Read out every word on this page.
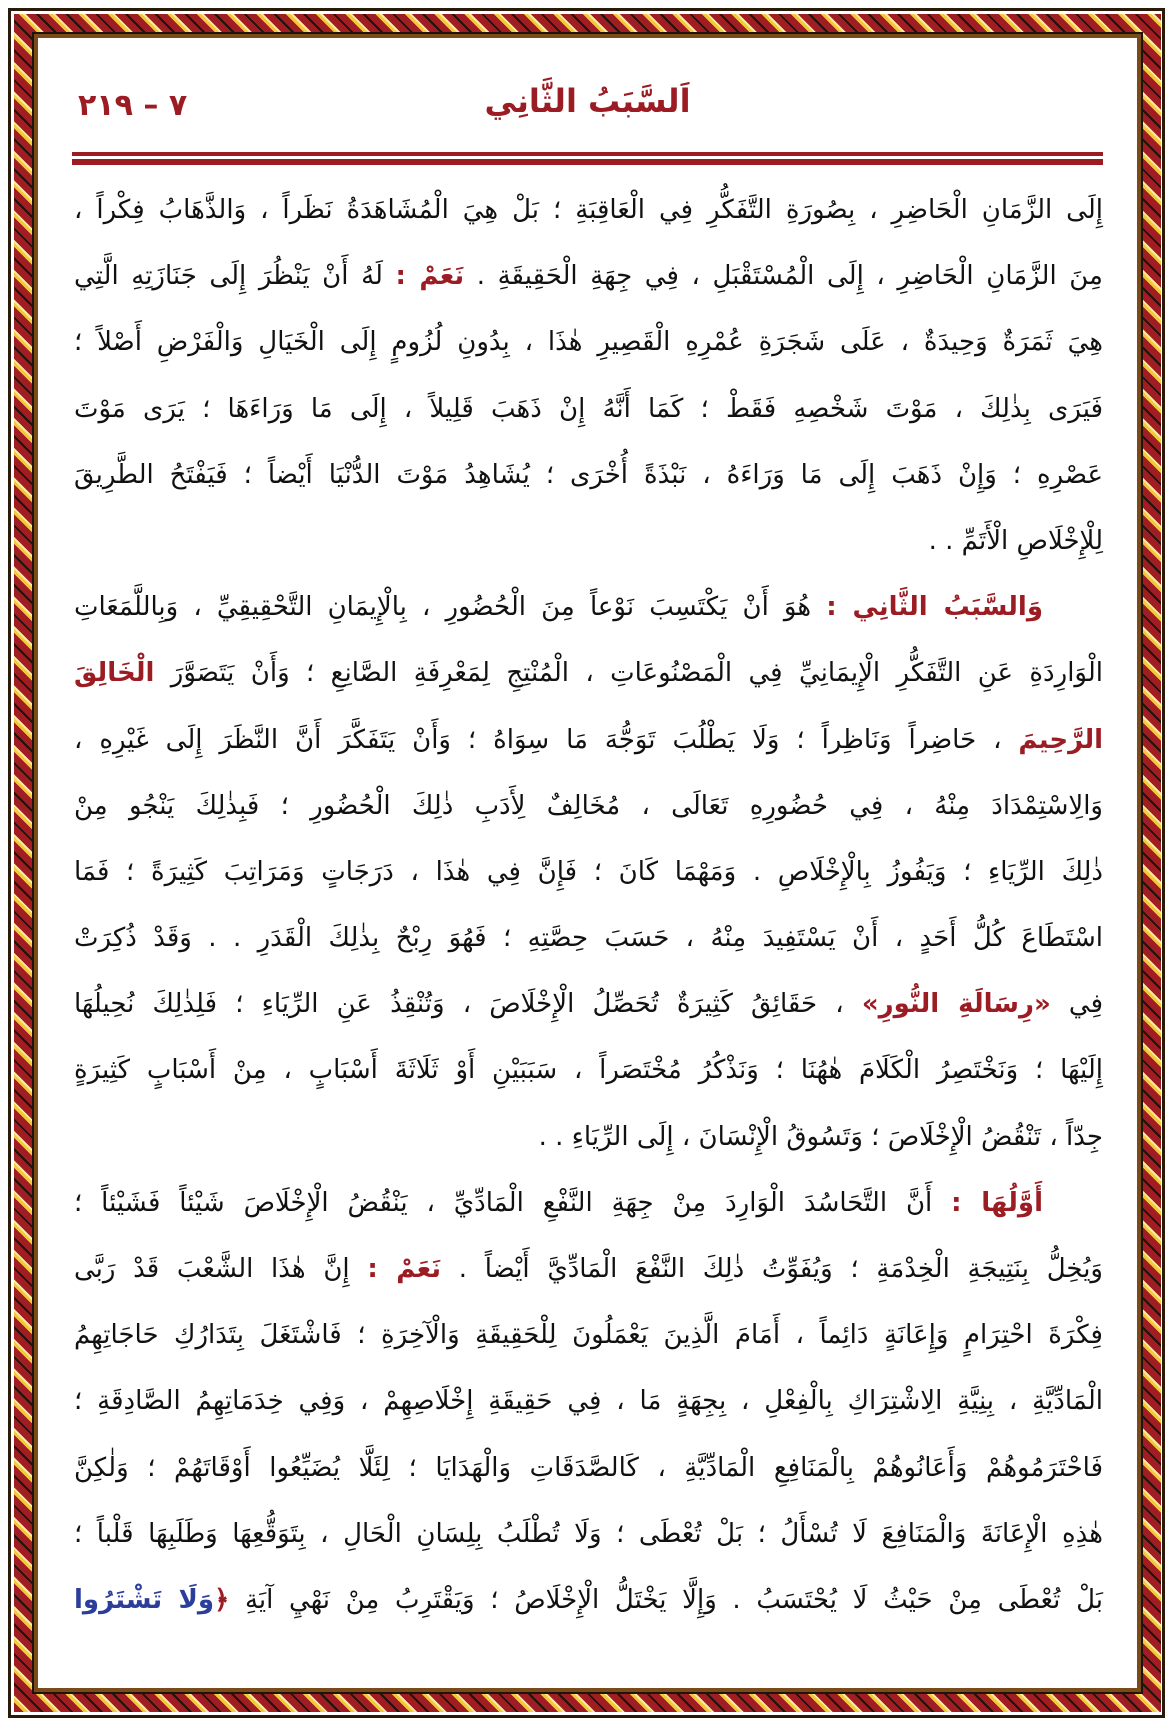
اَلسَّبَبُ الثَّانِي
٧ – ٢١٩
إِلَى الزَّمَانِ الْحَاضِرِ ، بِصُورَةِ التَّفَكُّرِ فِي الْعَاقِبَةِ ؛ بَلْ هِيَ الْمُشَاهَدَةُ نَظَراً ، وَالذَّهَابُ فِكْراً ،
مِنَ الزَّمَانِ الْحَاضِرِ ، إِلَى الْمُسْتَقْبَلِ ، فِي جِهَةِ الْحَقِيقَةِ . نَعَمْ : لَهُ أَنْ يَنْظُرَ إِلَى جَنَازَتِهِ الَّتِي
هِيَ ثَمَرَةٌ وَحِيدَةٌ ، عَلَى شَجَرَةِ عُمْرِهِ الْقَصِيرِ هٰذَا ، بِدُونِ لُزُومٍ إِلَى الْخَيَالِ وَالْفَرْضِ أَصْلاً ؛
فَيَرَى بِذٰلِكَ ، مَوْتَ شَخْصِهِ فَقَطْ ؛ كَمَا أَنَّهُ إِنْ ذَهَبَ قَلِيلاً ، إِلَى مَا وَرَاءَهَا ؛ يَرَى مَوْتَ
عَصْرِهِ ؛ وَإِنْ ذَهَبَ إِلَى مَا وَرَاءَهُ ، نَبْذَةً أُخْرَى ؛ يُشَاهِدُ مَوْتَ الدُّنْيَا أَيْضاً ؛ فَيَفْتَحُ الطَّرِيقَ
لِلْإِخْلَاصِ الْأَتَمِّ . .
وَالسَّبَبُ الثَّانِي : هُوَ أَنْ يَكْتَسِبَ نَوْعاً مِنَ الْحُضُورِ ، بِالْإِيمَانِ التَّحْقِيقِيِّ ، وَبِاللَّمَعَاتِ
الْوَارِدَةِ عَنِ التَّفَكُّرِ الْإِيمَانِيِّ فِي الْمَصْنُوعَاتِ ، الْمُنْتِجِ لِمَعْرِفَةِ الصَّانِعِ ؛ وَأَنْ يَتَصَوَّرَ الْخَالِقَ
الرَّحِيمَ ، حَاضِراً وَنَاظِراً ؛ وَلَا يَطْلُبَ تَوَجُّهَ مَا سِوَاهُ ؛ وَأَنْ يَتَفَكَّرَ أَنَّ النَّظَرَ إِلَى غَيْرِهِ ،
وَالِاسْتِمْدَادَ مِنْهُ ، فِي حُضُورِهِ تَعَالَى ، مُخَالِفٌ لِأَدَبِ ذٰلِكَ الْحُضُورِ ؛ فَبِذٰلِكَ يَنْجُو مِنْ
ذٰلِكَ الرِّيَاءِ ؛ وَيَفُوزُ بِالْإِخْلَاصِ . وَمَهْمَا كَانَ ؛ فَإِنَّ فِي هٰذَا ، دَرَجَاتٍ وَمَرَاتِبَ كَثِيرَةً ؛ فَمَا
اسْتَطَاعَ كُلُّ أَحَدٍ ، أَنْ يَسْتَفِيدَ مِنْهُ ، حَسَبَ حِصَّتِهِ ؛ فَهُوَ رِبْحٌ بِذٰلِكَ الْقَدَرِ . . وَقَدْ ذُكِرَتْ
فِي «رِسَالَةِ النُّورِ» ، حَقَائِقُ كَثِيرَةٌ تُحَصِّلُ الْإِخْلَاصَ ، وَتُنْقِذُ عَنِ الرِّيَاءِ ؛ فَلِذٰلِكَ نُحِيلُهَا
إِلَيْهَا ؛ وَنَخْتَصِرُ الْكَلَامَ هٰهُنَا ؛ وَنَذْكُرُ مُخْتَصَراً ، سَبَبَيْنِ أَوْ ثَلَاثَةَ أَسْبَابٍ ، مِنْ أَسْبَابٍ كَثِيرَةٍ
جِدّاً ، تَنْقُضُ الْإِخْلَاصَ ؛ وَتَسُوقُ الْإِنْسَانَ ، إِلَى الرِّيَاءِ . .
أَوَّلُهَا : أَنَّ التَّحَاسُدَ الْوَارِدَ مِنْ جِهَةِ النَّفْعِ الْمَادِّيِّ ، يَنْقُضُ الْإِخْلَاصَ شَيْئاً فَشَيْئاً ؛
وَيُخِلُّ بِنَتِيجَةِ الْخِدْمَةِ ؛ وَيُفَوِّتُ ذٰلِكَ النَّفْعَ الْمَادِّيَّ أَيْضاً . نَعَمْ : إِنَّ هٰذَا الشَّعْبَ قَدْ رَبَّى
فِكْرَةَ احْتِرَامٍ وَإِعَانَةٍ دَائِماً ، أَمَامَ الَّذِينَ يَعْمَلُونَ لِلْحَقِيقَةِ وَالْآخِرَةِ ؛ فَاشْتَغَلَ بِتَدَارُكِ حَاجَاتِهِمُ
الْمَادِّيَّةِ ، بِنِيَّةِ الِاشْتِرَاكِ بِالْفِعْلِ ، بِجِهَةٍ مَا ، فِي حَقِيقَةِ إِخْلَاصِهِمْ ، وَفِي خِدَمَاتِهِمُ الصَّادِقَةِ ؛
فَاحْتَرَمُوهُمْ وَأَعَانُوهُمْ بِالْمَنَافِعِ الْمَادِّيَّةِ ، كَالصَّدَقَاتِ وَالْهَدَايَا ؛ لِئَلَّا يُضَيِّعُوا أَوْقَاتَهُمْ ؛ وَلٰكِنَّ
هٰذِهِ الْإِعَانَةَ وَالْمَنَافِعَ لَا تُسْأَلُ ؛ بَلْ تُعْطَى ؛ وَلَا تُطْلَبُ بِلِسَانِ الْحَالِ ، بِتَوَقُّعِهَا وَطَلَبِهَا قَلْباً ؛
بَلْ تُعْطَى مِنْ حَيْثُ لَا يُحْتَسَبُ . وَإِلَّا يَخْتَلُّ الْإِخْلَاصُ ؛ وَيَقْتَرِبُ مِنْ نَهْيِ آيَةِ ﴿وَلَا تَشْتَرُوا
